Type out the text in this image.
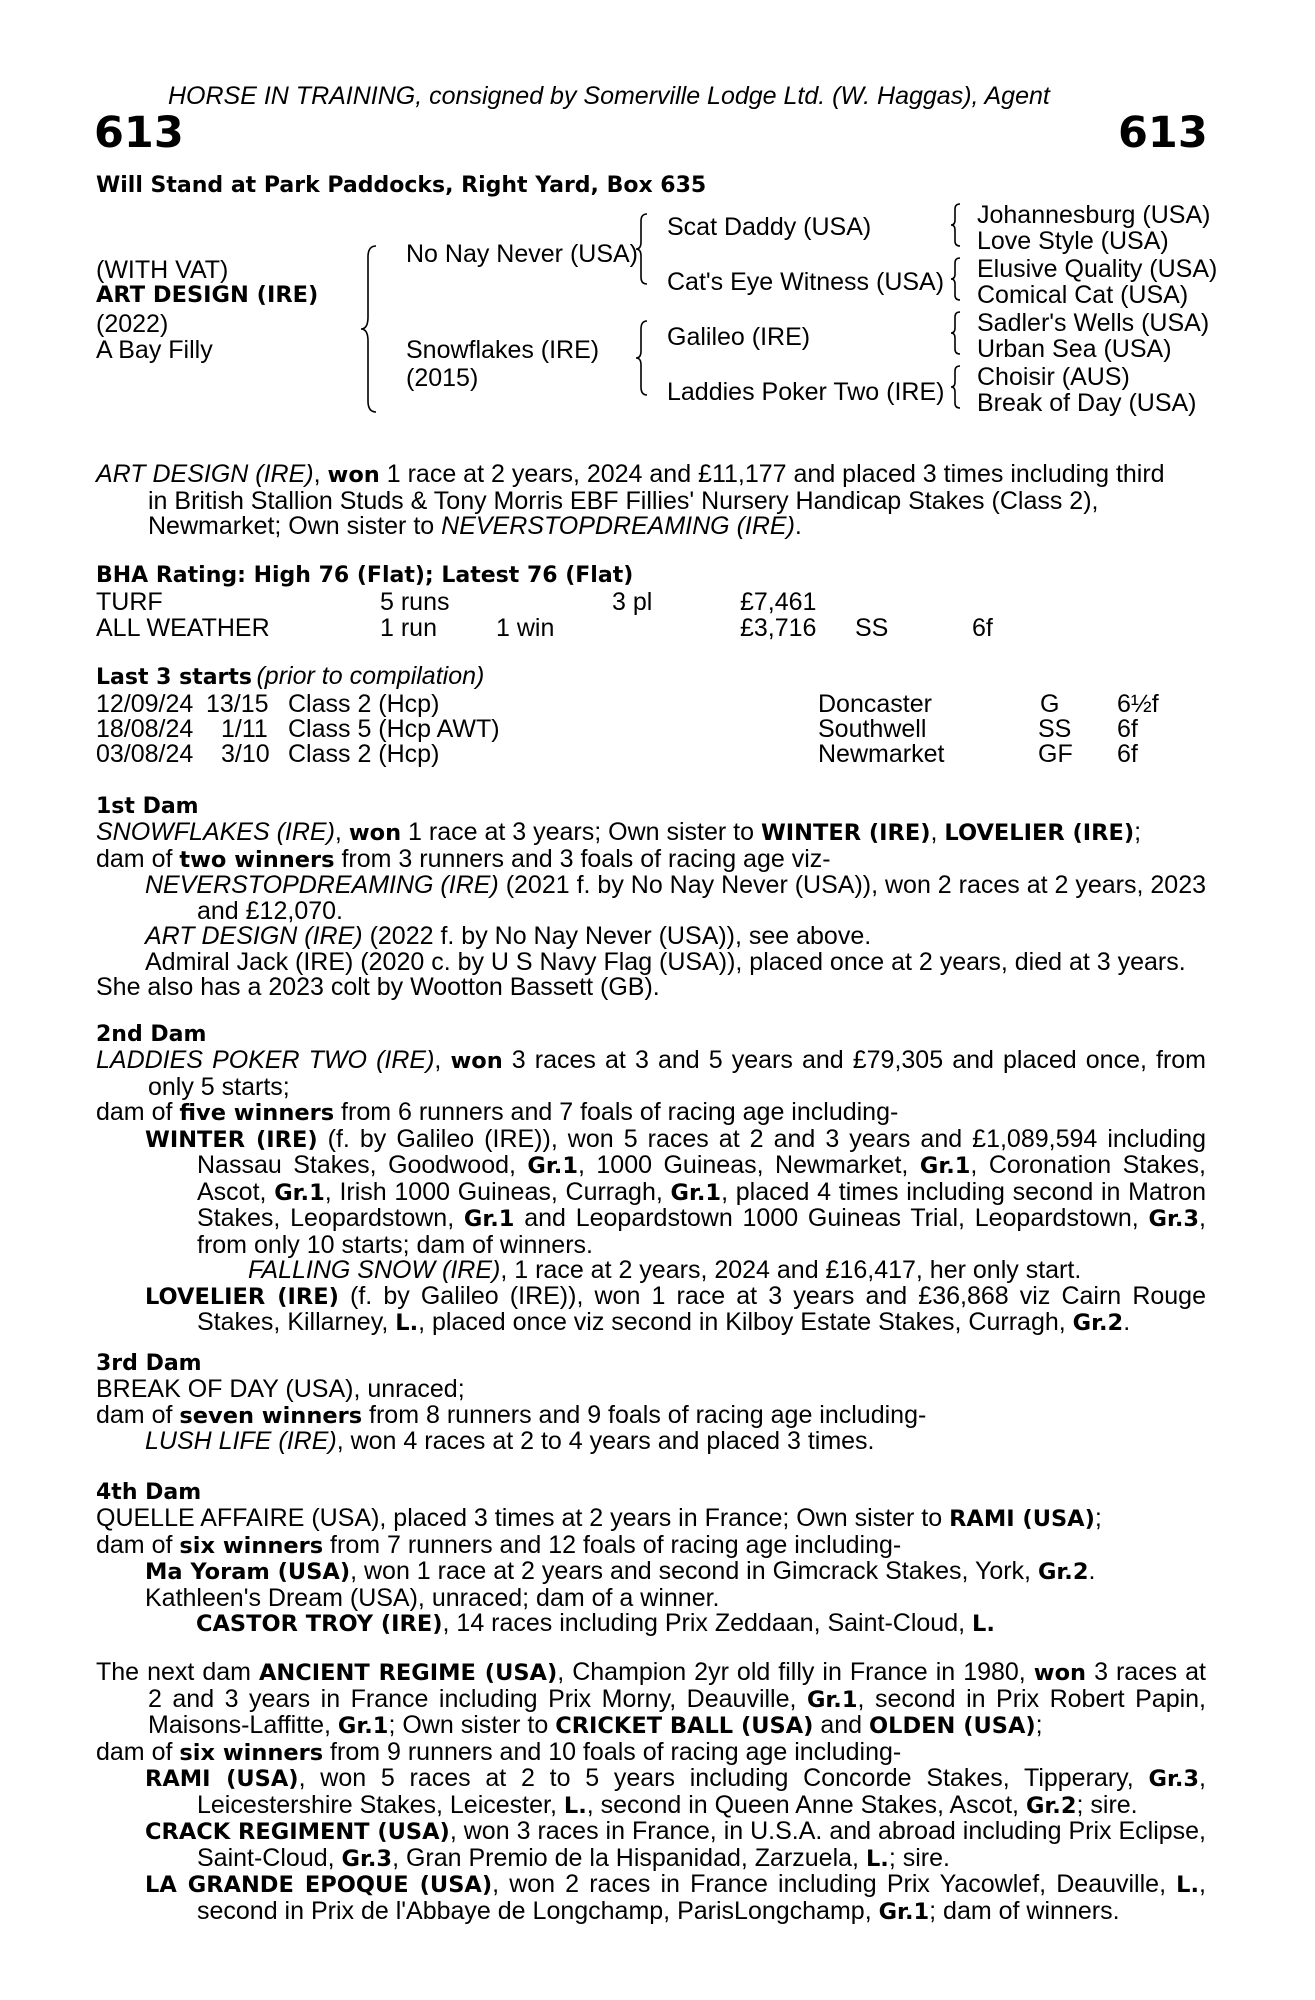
HORSE IN TRAINING, consigned by Somerville Lodge Ltd. (W. Haggas), Agent
613	613
Will Stand at Park Paddocks, Right Yard, Box 635
(WITH VAT)
ART DESIGN (IRE)
(2022)
A Bay Filly
No Nay Never (USA)
Snowflakes (IRE)
(2015)
Scat Daddy (USA)
Cat's Eye Witness (USA)
Galileo (IRE)
Laddies Poker Two (IRE)
Johannesburg (USA)
Love Style (USA)
Elusive Quality (USA)
Comical Cat (USA)
Sadler's Wells (USA)
Urban Sea (USA)
Choisir (AUS)
Break of Day (USA)

ART DESIGN (IRE), won 1 race at 2 years, 2024 and £11,177 and placed 3 times including third
in British Stallion Studs & Tony Morris EBF Fillies' Nursery Handicap Stakes (Class 2),
Newmarket; Own sister to NEVERSTOPDREAMING (IRE).

BHA Rating: High 76 (Flat); Latest 76 (Flat)
TURF	5 runs	3 pl	£7,461
ALL WEATHER	1 run 1 win	£3,716 SS	6f
Last 3 starts (prior to compilation)
12/09/24 13/15 Class 2 (Hcp)	Doncaster	G 6½f
18/08/24 1/11 Class 5 (Hcp AWT)	Southwell	SS 6f
03/08/24 3/10 Class 2 (Hcp)	Newmarket	GF 6f
1st Dam

SNOWFLAKES (IRE), won 1 race at 3 years; Own sister to WINTER (IRE), LOVELIER (IRE);

dam of two winners from 3 runners and 3 foals of racing age viz-

NEVERSTOPDREAMING (IRE) (2021 f. by No Nay Never (USA)), won 2 races at 2 years, 2023 and £12,070.

ART DESIGN (IRE) (2022 f. by No Nay Never (USA)), see above.

Admiral Jack (IRE) (2020 c. by U S Navy Flag (USA)), placed once at 2 years, died at 3 years.

She also has a 2023 colt by Wootton Bassett (GB).

2nd Dam

LADDIES POKER TWO (IRE), won 3 races at 3 and 5 years and £79,305 and placed once, from only 5 starts;

dam of five winners from 6 runners and 7 foals of racing age including-

WINTER (IRE) (f. by Galileo (IRE)), won 5 races at 2 and 3 years and £1,089,594 including Nassau Stakes, Goodwood, Gr.1, 1000 Guineas, Newmarket, Gr.1, Coronation Stakes, Ascot, Gr.1, Irish 1000 Guineas, Curragh, Gr.1, placed 4 times including second in Matron Stakes, Leopardstown, Gr.1 and Leopardstown 1000 Guineas Trial, Leopardstown, Gr.3, from only 10 starts; dam of winners.

FALLING SNOW (IRE), 1 race at 2 years, 2024 and £16,417, her only start.

LOVELIER (IRE) (f. by Galileo (IRE)), won 1 race at 3 years and £36,868 viz Cairn Rouge Stakes, Killarney, L., placed once viz second in Kilboy Estate Stakes, Curragh, Gr.2.

3rd Dam

BREAK OF DAY (USA), unraced;

dam of seven winners from 8 runners and 9 foals of racing age including-

LUSH LIFE (IRE), won 4 races at 2 to 4 years and placed 3 times.

4th Dam

QUELLE AFFAIRE (USA), placed 3 times at 2 years in France; Own sister to RAMI (USA);

dam of six winners from 7 runners and 12 foals of racing age including-

Ma Yoram (USA), won 1 race at 2 years and second in Gimcrack Stakes, York, Gr.2.

Kathleen's Dream (USA), unraced; dam of a winner.

CASTOR TROY (IRE), 14 races including Prix Zeddaan, Saint-Cloud, L.

The next dam ANCIENT REGIME (USA), Champion 2yr old filly in France in 1980, won 3 races at 2 and 3 years in France including Prix Morny, Deauville, Gr.1, second in Prix Robert Papin, Maisons-Laffitte, Gr.1; Own sister to CRICKET BALL (USA) and OLDEN (USA);

dam of six winners from 9 runners and 10 foals of racing age including-

RAMI (USA), won 5 races at 2 to 5 years including Concorde Stakes, Tipperary, Gr.3, Leicestershire Stakes, Leicester, L., second in Queen Anne Stakes, Ascot, Gr.2; sire.

CRACK REGIMENT (USA), won 3 races in France, in U.S.A. and abroad including Prix Eclipse, Saint-Cloud, Gr.3, Gran Premio de la Hispanidad, Zarzuela, L.; sire.

LA GRANDE EPOQUE (USA), won 2 races in France including Prix Yacowlef, Deauville, L., second in Prix de l'Abbaye de Longchamp, ParisLongchamp, Gr.1; dam of winners.
